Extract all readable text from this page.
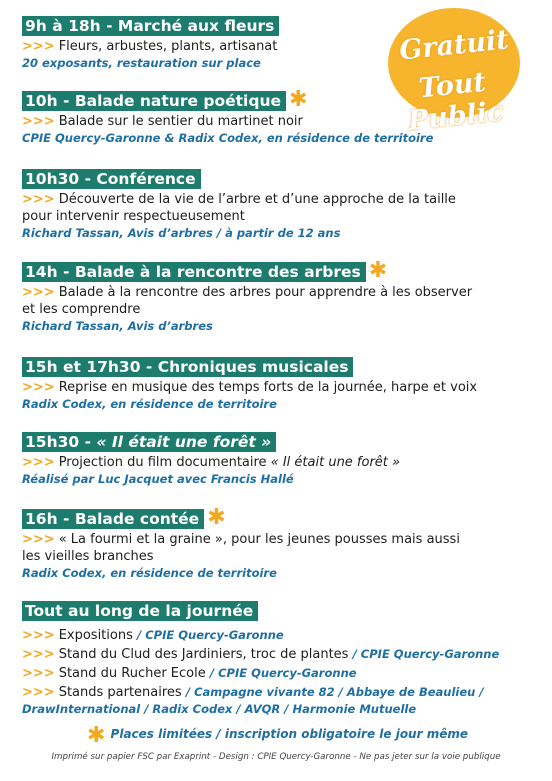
Gratuit
Tout Public
9h à 18h - Marché aux fleurs
>>> Fleurs, arbustes, plants, artisanat
20 exposants, restauration sur place
10h - Balade nature poétique ✱
>>> Balade sur le sentier du martinet noir
CPIE Quercy-Garonne & Radix Codex, en résidence de territoire
10h30 - Conférence
>>> Découverte de la vie de l’arbre et d’une approche de la taille
pour intervenir respectueusement
Richard Tassan, Avis d’arbres / à partir de 12 ans
14h - Balade à la rencontre des arbres ✱
>>> Balade à la rencontre des arbres pour apprendre à les observer
et les comprendre
Richard Tassan, Avis d’arbres
15h et 17h30 - Chroniques musicales
>>> Reprise en musique des temps forts de la journée, harpe et voix
Radix Codex, en résidence de territoire
15h30 - « Il était une forêt »
>>> Projection du film documentaire « Il était une forêt »
Réalisé par Luc Jacquet avec Francis Hallé
16h - Balade contée ✱
>>> « La fourmi et la graine », pour les jeunes pousses mais aussi
les vieilles branches
Radix Codex, en résidence de territoire
Tout au long de la journée
>>> Expositions / CPIE Quercy-Garonne
>>> Stand du Clud des Jardiniers, troc de plantes / CPIE Quercy-Garonne
>>> Stand du Rucher Ecole / CPIE Quercy-Garonne
>>> Stands partenaires / Campagne vivante 82 / Abbaye de Beaulieu /
DrawInternational / Radix Codex / AVQR / Harmonie Mutuelle
✱ Places limitées / inscription obligatoire le jour même
Imprimé sur papier FSC par Exaprint - Design : CPIE Quercy-Garonne - Ne pas jeter sur la voie publique
